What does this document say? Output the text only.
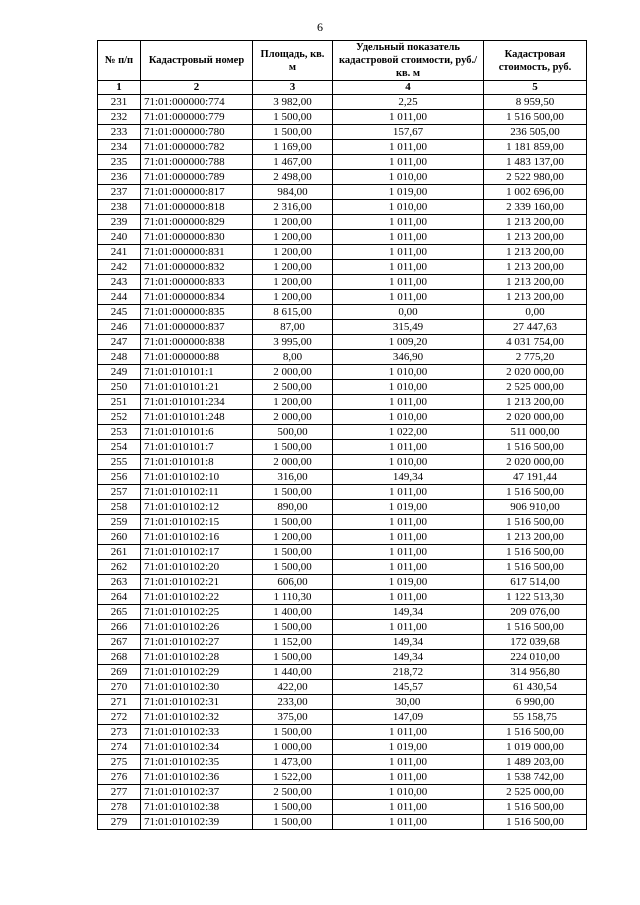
6
№ п/п	Кадастровый номер	Площадь, кв. м	Удельный показатель кадастровой стоимости, руб./кв. м	Кадастровая стоимость, руб.
1	2	3	4	5
231	71:01:000000:774	3 982,00	2,25	8 959,50
232	71:01:000000:779	1 500,00	1 011,00	1 516 500,00
233	71:01:000000:780	1 500,00	157,67	236 505,00
234	71:01:000000:782	1 169,00	1 011,00	1 181 859,00
235	71:01:000000:788	1 467,00	1 011,00	1 483 137,00
236	71:01:000000:789	2 498,00	1 010,00	2 522 980,00
237	71:01:000000:817	984,00	1 019,00	1 002 696,00
238	71:01:000000:818	2 316,00	1 010,00	2 339 160,00
239	71:01:000000:829	1 200,00	1 011,00	1 213 200,00
240	71:01:000000:830	1 200,00	1 011,00	1 213 200,00
241	71:01:000000:831	1 200,00	1 011,00	1 213 200,00
242	71:01:000000:832	1 200,00	1 011,00	1 213 200,00
243	71:01:000000:833	1 200,00	1 011,00	1 213 200,00
244	71:01:000000:834	1 200,00	1 011,00	1 213 200,00
245	71:01:000000:835	8 615,00	0,00	0,00
246	71:01:000000:837	87,00	315,49	27 447,63
247	71:01:000000:838	3 995,00	1 009,20	4 031 754,00
248	71:01:000000:88	8,00	346,90	2 775,20
249	71:01:010101:1	2 000,00	1 010,00	2 020 000,00
250	71:01:010101:21	2 500,00	1 010,00	2 525 000,00
251	71:01:010101:234	1 200,00	1 011,00	1 213 200,00
252	71:01:010101:248	2 000,00	1 010,00	2 020 000,00
253	71:01:010101:6	500,00	1 022,00	511 000,00
254	71:01:010101:7	1 500,00	1 011,00	1 516 500,00
255	71:01:010101:8	2 000,00	1 010,00	2 020 000,00
256	71:01:010102:10	316,00	149,34	47 191,44
257	71:01:010102:11	1 500,00	1 011,00	1 516 500,00
258	71:01:010102:12	890,00	1 019,00	906 910,00
259	71:01:010102:15	1 500,00	1 011,00	1 516 500,00
260	71:01:010102:16	1 200,00	1 011,00	1 213 200,00
261	71:01:010102:17	1 500,00	1 011,00	1 516 500,00
262	71:01:010102:20	1 500,00	1 011,00	1 516 500,00
263	71:01:010102:21	606,00	1 019,00	617 514,00
264	71:01:010102:22	1 110,30	1 011,00	1 122 513,30
265	71:01:010102:25	1 400,00	149,34	209 076,00
266	71:01:010102:26	1 500,00	1 011,00	1 516 500,00
267	71:01:010102:27	1 152,00	149,34	172 039,68
268	71:01:010102:28	1 500,00	149,34	224 010,00
269	71:01:010102:29	1 440,00	218,72	314 956,80
270	71:01:010102:30	422,00	145,57	61 430,54
271	71:01:010102:31	233,00	30,00	6 990,00
272	71:01:010102:32	375,00	147,09	55 158,75
273	71:01:010102:33	1 500,00	1 011,00	1 516 500,00
274	71:01:010102:34	1 000,00	1 019,00	1 019 000,00
275	71:01:010102:35	1 473,00	1 011,00	1 489 203,00
276	71:01:010102:36	1 522,00	1 011,00	1 538 742,00
277	71:01:010102:37	2 500,00	1 010,00	2 525 000,00
278	71:01:010102:38	1 500,00	1 011,00	1 516 500,00
279	71:01:010102:39	1 500,00	1 011,00	1 516 500,00
